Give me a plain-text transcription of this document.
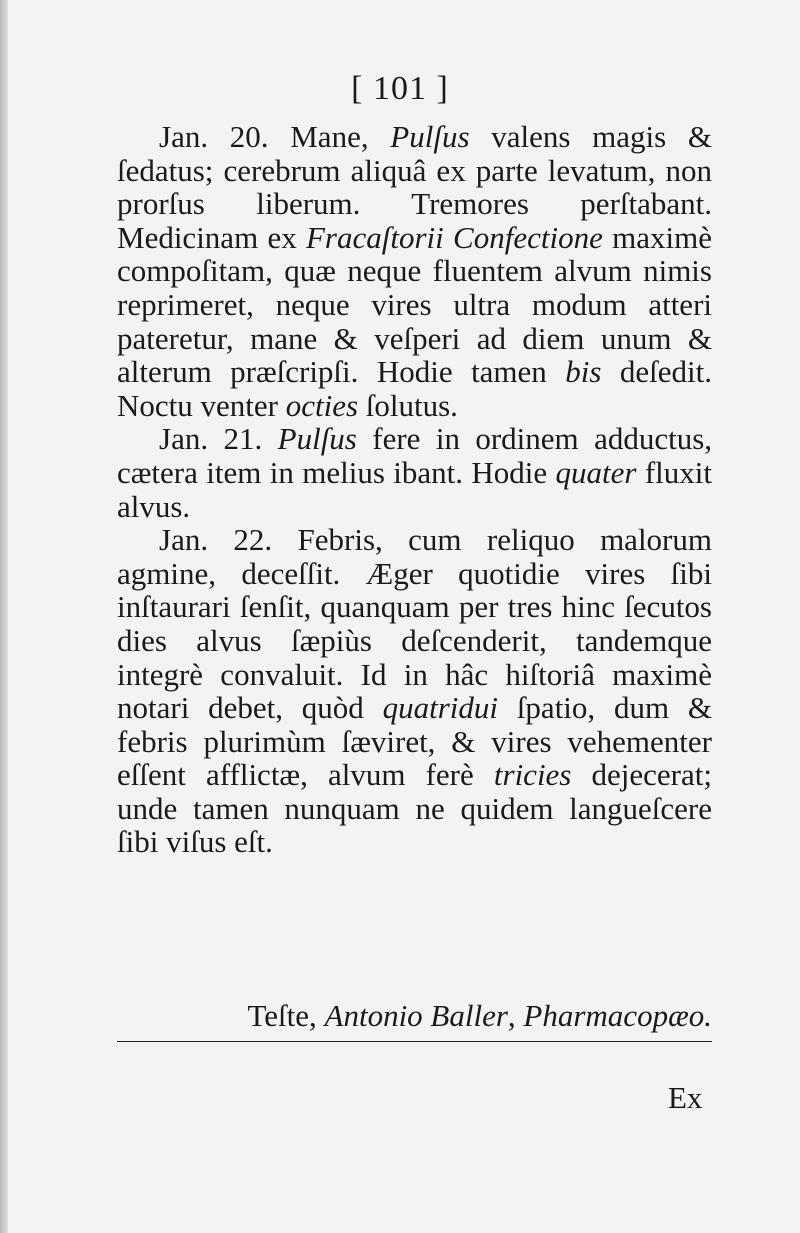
[ 101 ]

Jan. 20. Mane, Pulſus valens magis & ſedatus; cerebrum aliquâ ex parte levatum, non prorſus liberum. Tremores perſtabant. Medicinam ex Fracaſtorii Confectione maximè compoſitam, quæ neque fluentem alvum nimis reprimeret, neque vires ultra modum atteri pateretur, mane & veſperi ad diem unum & alterum præſcripſi. Hodie tamen bis deſedit. Noctu venter octies ſolutus.

Jan. 21. Pulſus fere in ordinem adductus, cætera item in melius ibant. Hodie quater fluxit alvus.

Jan. 22. Febris, cum reliquo malorum agmine, deceſſit. Æger quotidie vires ſibi inſtaurari ſenſit, quanquam per tres hinc ſecutos dies alvus ſæpiùs deſcenderit, tandemque integrè convaluit. Id in hâc hiſtoriâ maximè notari debet, quòd quatridui ſpatio, dum & febris plurimùm ſæviret, & vires vehementer eſſent afflictæ, alvum ferè tricies dejecerat; unde tamen nunquam ne quidem langueſcere ſibi viſus eſt.

Teſte, Antonio Baller, Pharmacopæo.
Ex
